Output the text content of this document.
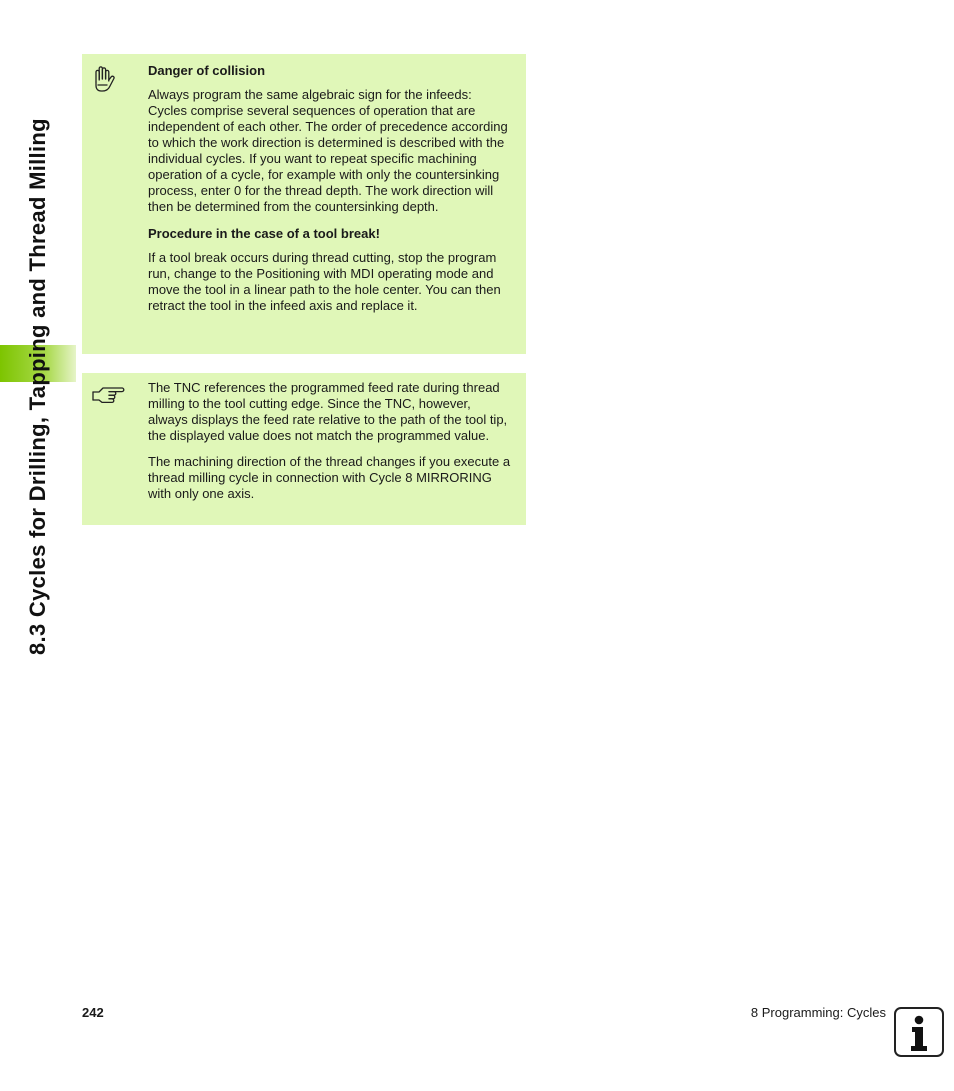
8.3 Cycles for Drilling, Tapping and Thread Milling
Danger of collision

Always program the same algebraic sign for the infeeds: Cycles comprise several sequences of operation that are independent of each other. The order of precedence according to which the work direction is determined is described with the individual cycles. If you want to repeat specific machining operation of a cycle, for example with only the countersinking process, enter 0 for the thread depth. The work direction will then be determined from the countersinking depth.

Procedure in the case of a tool break!

If a tool break occurs during thread cutting, stop the program run, change to the Positioning with MDI operating mode and move the tool in a linear path to the hole center. You can then retract the tool in the infeed axis and replace it.

The TNC references the programmed feed rate during thread milling to the tool cutting edge. Since the TNC, however, always displays the feed rate relative to the path of the tool tip, the displayed value does not match the programmed value.

The machining direction of the thread changes if you execute a thread milling cycle in connection with Cycle 8 MIRRORING with only one axis.

242	8 Programming: Cycles
